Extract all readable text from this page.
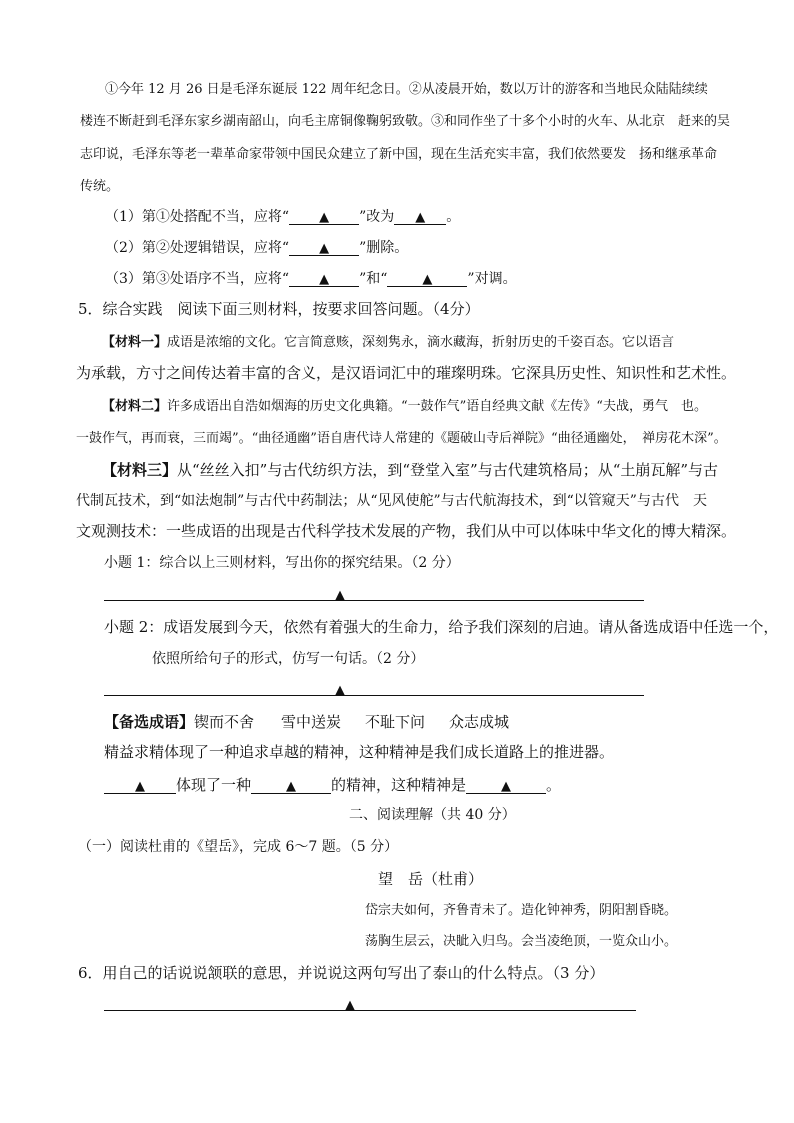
①今年 12 月 26 日是毛泽东诞辰 122 周年纪念日。②从凌晨开始，数以万计的游客和当地民众陆陆续续
楼连不断赶到毛泽东家乡湖南韶山，向毛主席铜像鞠躬致敬。③和同作坐了十多个小时的火车、从北京　赶来的吴
志印说，毛泽东等老一辈革命家带领中国民众建立了新中国，现在生活充实丰富，我们依然要发　扬和继承革命
传统。
（1）第①处搭配不当，应将“ ▲ ”改为 ▲ 。
（2）第②处逻辑错误，应将“ ▲ ”删除。
（3）第③处语序不当，应将“ ▲ ”和“	▲	”对调。
5．综合实践　阅读下面三则材料，按要求回答问题。（4分）
【材料一】成语是浓缩的文化。它言简意赅，深刻隽永，滴水藏海，折射历史的千姿百态。它以语言
为承载，方寸之间传达着丰富的含义，是汉语词汇中的璀璨明珠。它深具历史性、知识性和艺术性。
【材料二】许多成语出自浩如烟海的历史文化典籍。“一鼓作气”语自经典文献《左传》“夫战，勇气　也。
一鼓作气，再而衰，三而竭”。“曲径通幽”语自唐代诗人常建的《题破山寺后禅院》“曲径通幽处，　禅房花木深”。
【材料三】从“丝丝入扣”与古代纺织方法，到“登堂入室”与古代建筑格局；从“土崩瓦解”与古
代制瓦技术，到“如法炮制”与古代中药制法；从“见风使舵”与古代航海技术，到“以管窥天”与古代　天
文观测技术：一些成语的出现是古代科学技术发展的产物，我们从中可以体味中华文化的博大精深。
小题 1：综合以上三则材料，写出你的探究结果。（2 分）
▲
小题 2：成语发展到今天，依然有着强大的生命力，给予我们深刻的启迪。请从备选成语中任选一个，
依照所给句子的形式，仿写一句话。（2 分）
▲
【备选成语】锲而不舍 雪中送炭 不耻下问 众志成城
精益求精体现了一种追求卓越的精神，这种精神是我们成长道路上的推进器。
▲ 体现了一种	▲ 的精神，这种精神是	▲ 。
二、阅读理解（共 40 分）
（一）阅读杜甫的《望岳》，完成 6～7 题。（5 分）
望　岳（杜甫）
岱宗夫如何，齐鲁青未了。造化钟神秀，阴阳割昏晓。
荡胸生层云，决眦入归鸟。会当凌绝顶，一览众山小。
6．用自己的话说说颔联的意思，并说说这两句写出了泰山的什么特点。（3 分）
▲
